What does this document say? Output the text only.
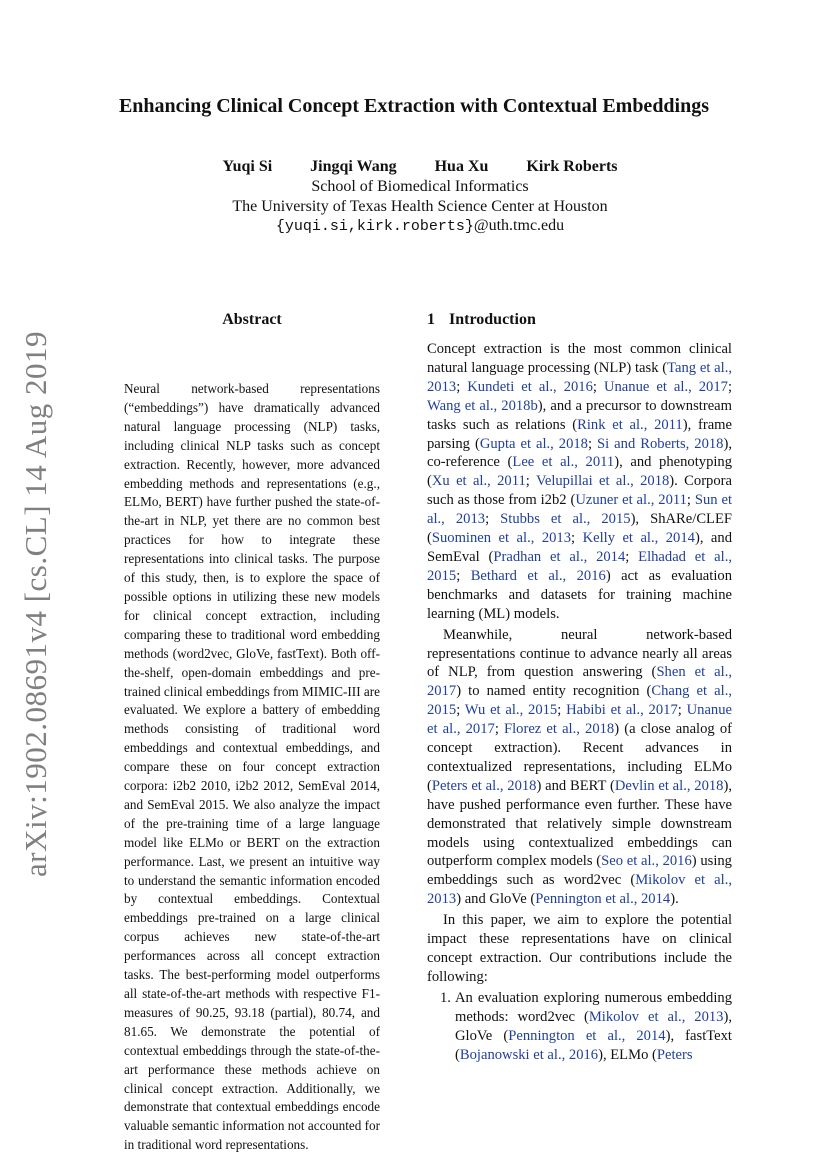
arXiv:1902.08691v4 [cs.CL] 14 Aug 2019
Enhancing Clinical Concept Extraction with Contextual Embeddings
Yuqi Si Jingqi Wang Hua Xu Kirk Roberts
School of Biomedical Informatics
The University of Texas Health Science Center at Houston
{yuqi.si,kirk.roberts}@uth.tmc.edu
Abstract
Neural network-based representations (“embeddings”) have dramatically advanced natural language processing (NLP) tasks, including clinical NLP tasks such as concept extraction. Recently, however, more advanced embedding methods and representations (e.g., ELMo, BERT) have further pushed the state-of-the-art in NLP, yet there are no common best practices for how to integrate these representations into clinical tasks. The purpose of this study, then, is to explore the space of possible options in utilizing these new models for clinical concept extraction, including comparing these to traditional word embedding methods (word2vec, GloVe, fastText). Both off-the-shelf, open-domain embeddings and pre-trained clinical embeddings from MIMIC-III are evaluated. We explore a battery of embedding methods consisting of traditional word embeddings and contextual embeddings, and compare these on four concept extraction corpora: i2b2 2010, i2b2 2012, SemEval 2014, and SemEval 2015. We also analyze the impact of the pre-training time of a large language model like ELMo or BERT on the extraction performance. Last, we present an intuitive way to understand the semantic information encoded by contextual embeddings. Contextual embeddings pre-trained on a large clinical corpus achieves new state-of-the-art performances across all concept extraction tasks. The best-performing model outperforms all state-of-the-art methods with respective F1-measures of 90.25, 93.18 (partial), 80.74, and 81.65. We demonstrate the potential of contextual embeddings through the state-of-the-art performance these methods achieve on clinical concept extraction. Additionally, we demonstrate that contextual embeddings encode valuable semantic information not accounted for in traditional word representations.
1 Introduction

Concept extraction is the most common clinical natural language processing (NLP) task (Tang et al., 2013; Kundeti et al., 2016; Unanue et al., 2017; Wang et al., 2018b), and a precursor to downstream tasks such as relations (Rink et al., 2011), frame parsing (Gupta et al., 2018; Si and Roberts, 2018), co-reference (Lee et al., 2011), and phenotyping (Xu et al., 2011; Velupillai et al., 2018). Corpora such as those from i2b2 (Uzuner et al., 2011; Sun et al., 2013; Stubbs et al., 2015), ShARe/CLEF (Suominen et al., 2013; Kelly et al., 2014), and SemEval (Pradhan et al., 2014; Elhadad et al., 2015; Bethard et al., 2016) act as evaluation benchmarks and datasets for training machine learning (ML) models.

Meanwhile, neural network-based representations continue to advance nearly all areas of NLP, from question answering (Shen et al., 2017) to named entity recognition (Chang et al., 2015; Wu et al., 2015; Habibi et al., 2017; Unanue et al., 2017; Florez et al., 2018) (a close analog of concept extraction). Recent advances in contextualized representations, including ELMo (Peters et al., 2018) and BERT (Devlin et al., 2018), have pushed performance even further. These have demonstrated that relatively simple downstream models using contextualized embeddings can outperform complex models (Seo et al., 2016) using embeddings such as word2vec (Mikolov et al., 2013) and GloVe (Pennington et al., 2014).

In this paper, we aim to explore the potential impact these representations have on clinical concept extraction. Our contributions include the following:

1. An evaluation exploring numerous embedding methods: word2vec (Mikolov et al., 2013), GloVe (Pennington et al., 2014), fastText (Bojanowski et al., 2016), ELMo (Peters
